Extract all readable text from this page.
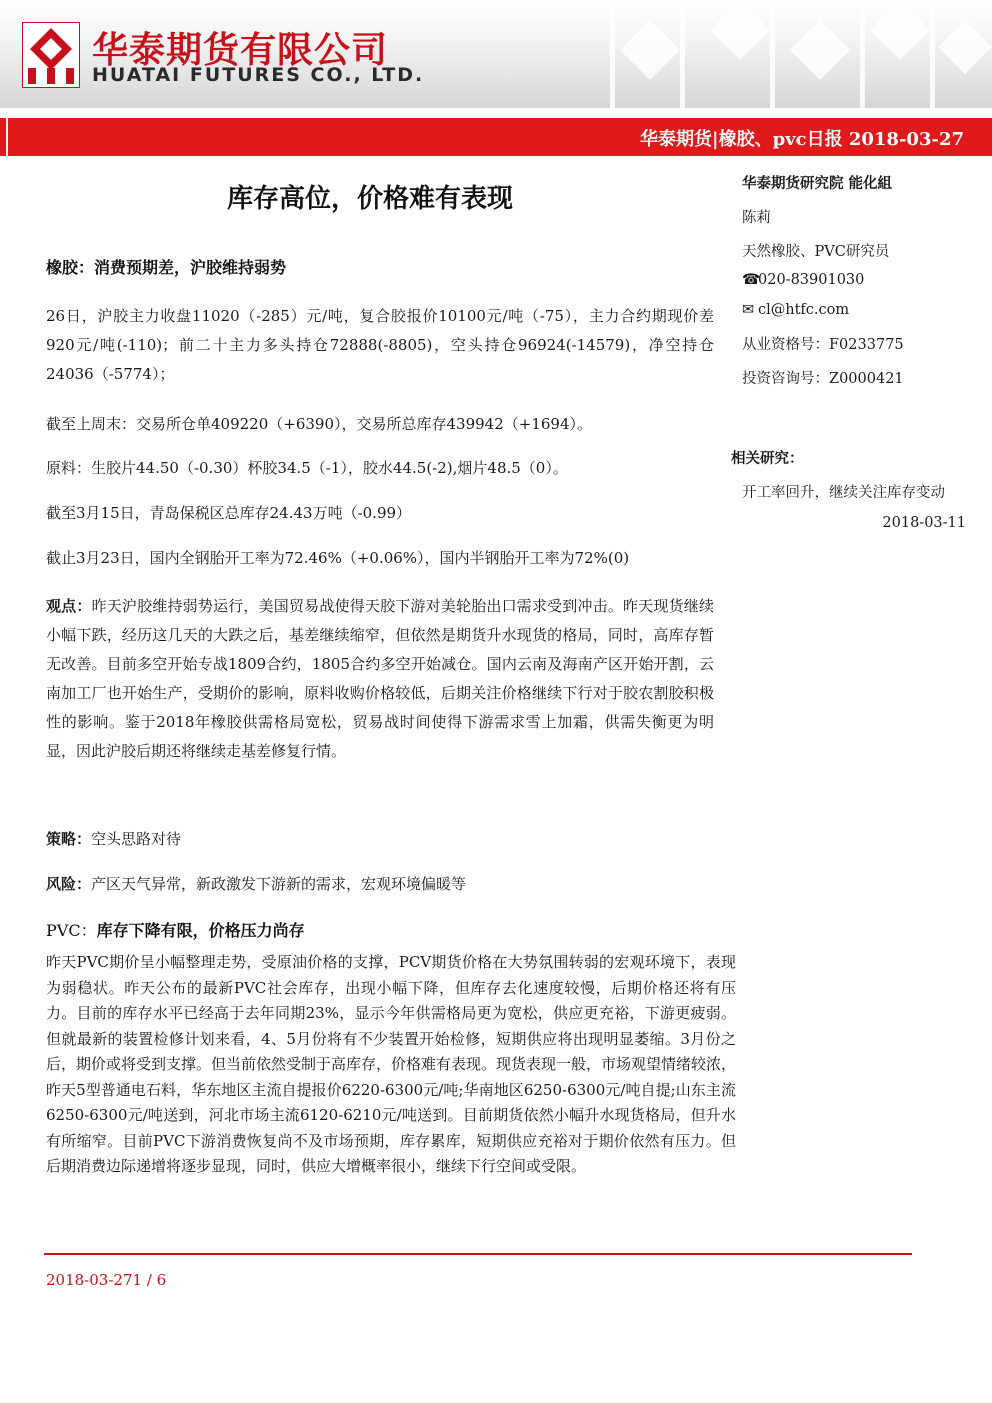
华泰期货有限公司
HUATAI FUTURES CO., LTD.
华泰期货|橡胶、pvc日报 2018-03-27
库存高位，价格难有表现
橡胶：消费预期差，沪胶维持弱势
26日，沪胶主力收盘11020（-285）元/吨，复合胶报价10100元/吨（-75），主力合约期现价差920元/吨(-110)；前二十主力多头持仓72888(-8805)，空头持仓96924(-14579)，净空持仓24036（-5774）；
截至上周末：交易所仓单409220（+6390），交易所总库存439942（+1694）。
原料：生胶片44.50（-0.30）杯胶34.5（-1），胶水44.5(-2),烟片48.5（0）。
截至3月15日，青岛保税区总库存24.43万吨（-0.99）
截止3月23日，国内全钢胎开工率为72.46%（+0.06%），国内半钢胎开工率为72%(0)
观点：昨天沪胶维持弱势运行，美国贸易战使得天胶下游对美轮胎出口需求受到冲击。昨天现货继续小幅下跌，经历这几天的大跌之后，基差继续缩窄，但依然是期货升水现货的格局，同时，高库存暂无改善。目前多空开始专战1809合约，1805合约多空开始减仓。国内云南及海南产区开始开割，云南加工厂也开始生产，受期价的影响，原料收购价格较低，后期关注价格继续下行对于胶农割胶积极性的影响。鉴于2018年橡胶供需格局宽松，贸易战时间使得下游需求雪上加霜，供需失衡更为明显，因此沪胶后期还将继续走基差修复行情。
策略：空头思路对待
风险：产区天气异常，新政激发下游新的需求，宏观环境偏暖等
PVC：库存下降有限，价格压力尚存
昨天PVC期价呈小幅整理走势，受原油价格的支撑，PCV期货价格在大势氛围转弱的宏观环境下，表现为弱稳状。昨天公布的最新PVC社会库存，出现小幅下降，但库存去化速度较慢，后期价格还将有压力。目前的库存水平已经高于去年同期23%，显示今年供需格局更为宽松，供应更充裕，下游更疲弱。但就最新的装置检修计划来看，4、5月份将有不少装置开始检修，短期供应将出现明显萎缩。3月份之后，期价或将受到支撑。但当前依然受制于高库存，价格难有表现。现货表现一般，市场观望情绪较浓，昨天5型普通电石料，华东地区主流自提报价6220-6300元/吨;华南地区6250-6300元/吨自提;山东主流6250-6300元/吨送到，河北市场主流6120-6210元/吨送到。目前期货依然小幅升水现货格局，但升水有所缩窄。目前PVC下游消费恢复尚不及市场预期，库存累库，短期供应充裕对于期价依然有压力。但后期消费边际递增将逐步显现，同时，供应大增概率很小，继续下行空间或受限。
华泰期货研究院 能化組
陈莉
天然橡胶、PVC研究员
☎020-83901030
✉ cl@htfc.com
从业资格号：F0233775
投资咨询号：Z0000421
相关研究：
开工率回升，继续关注库存变动
2018-03-11
2018-03-271 / 6
